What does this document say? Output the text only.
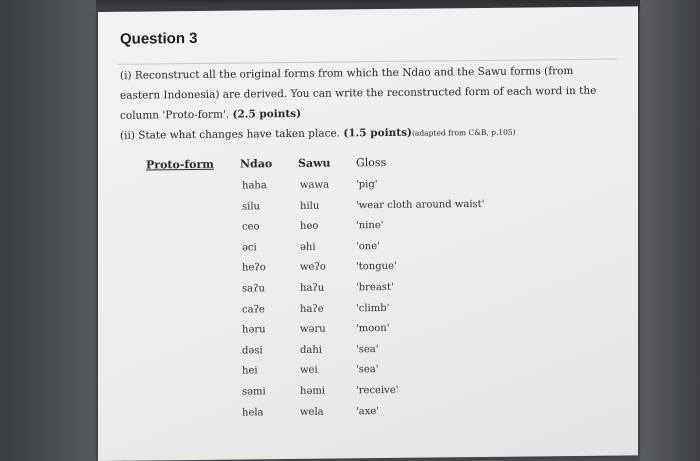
Question 3
(i) Reconstruct all the original forms from which the Ndao and the Sawu forms (from eastern Indonesia) are derived. You can write the reconstructed form of each word in the column 'Proto-form'. (2.5 points)
(ii) State what changes have taken place. (1.5 points)(adapted from C&B, p.105)
Proto-form Ndao Sawu Gloss
haha
silu
ceo
əci
heʔo
saʔu
caʔe
həru
dəsi
hei
səmi
hela
wawa
hilu
heo
əhi
weʔo
haʔu
haʔe
wəru
dahi
wei
həmi
wela
'pig'
'wear cloth around waist'
'nine'
'one'
'tongue'
'breast'
'climb'
'moon'
'sea'
'sea'
'receive'
'axe'
